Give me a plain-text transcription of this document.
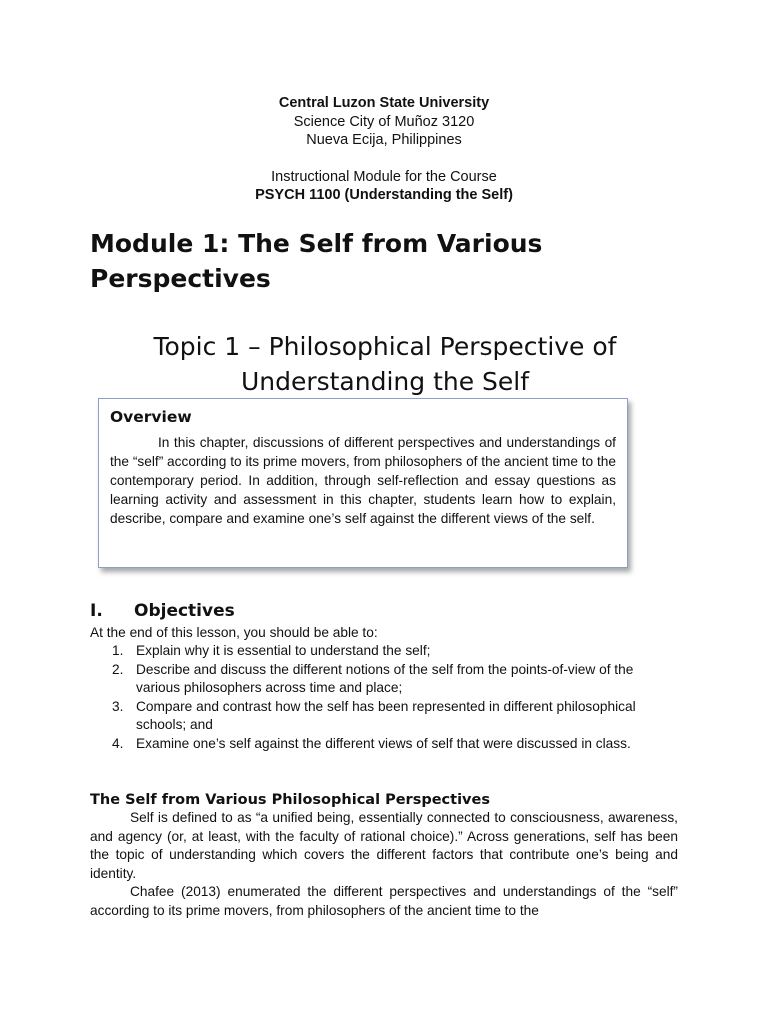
Central Luzon State University
Science City of Muñoz 3120
Nueva Ecija, Philippines
Instructional Module for the Course
PSYCH 1100 (Understanding the Self)
Module 1: The Self from Various Perspectives
Topic 1 – Philosophical Perspective of Understanding the Self
Overview

In this chapter, discussions of different perspectives and understandings of the “self” according to its prime movers, from philosophers of the ancient time to the contemporary period. In addition, through self-reflection and essay questions as learning activity and assessment in this chapter, students learn how to explain, describe, compare and examine one’s self against the different views of the self.

I. Objectives

At the end of this lesson, you should be able to:

1. Explain why it is essential to understand the self;
2. Describe and discuss the different notions of the self from the points-of-view of the various philosophers across time and place;
3. Compare and contrast how the self has been represented in different philosophical schools; and
4. Examine one’s self against the different views of self that were discussed in class.
The Self from Various Philosophical Perspectives

Self is defined to as “a unified being, essentially connected to consciousness, awareness, and agency (or, at least, with the faculty of rational choice).” Across generations, self has been the topic of understanding which covers the different factors that contribute one’s being and identity.

Chafee (2013) enumerated the different perspectives and understandings of the “self” according to its prime movers, from philosophers of the ancient time to the
